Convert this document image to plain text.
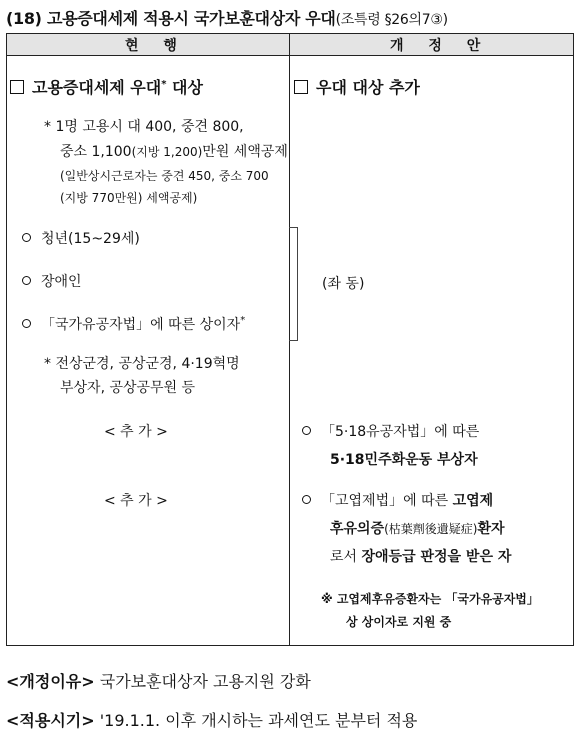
(18) 고용증대세제 적용시 국가보훈대상자 우대(조특령 §26의7③)
현 행	개 정 안
고용증대세제 우대* 대상
* 1명 고용시 대 400, 중견 800,
중소 1,100(지방 1,200)만원 세액공제
(일반상시근로자는 중견 450, 중소 700
(지방 770만원) 세액공제)
청년(15~29세)
장애인
「국가유공자법」에 따른 상이자*
* 전상군경, 공상군경, 4·19혁명
부상자, 공상공무원 등
< 추 가 >
< 추 가 >
우대 대상 추가
(좌 동)
「5·18유공자법」에 따른
5·18민주화운동 부상자
「고엽제법」에 따른 고엽제
후유의증(枯葉劑後遺疑症)환자
로서 장애등급 판정을 받은 자
※ 고엽제후유증환자는 「국가유공자법」
상 상이자로 지원 중
<개정이유> 국가보훈대상자 고용지원 강화
<적용시기> '19.1.1. 이후 개시하는 과세연도 분부터 적용
